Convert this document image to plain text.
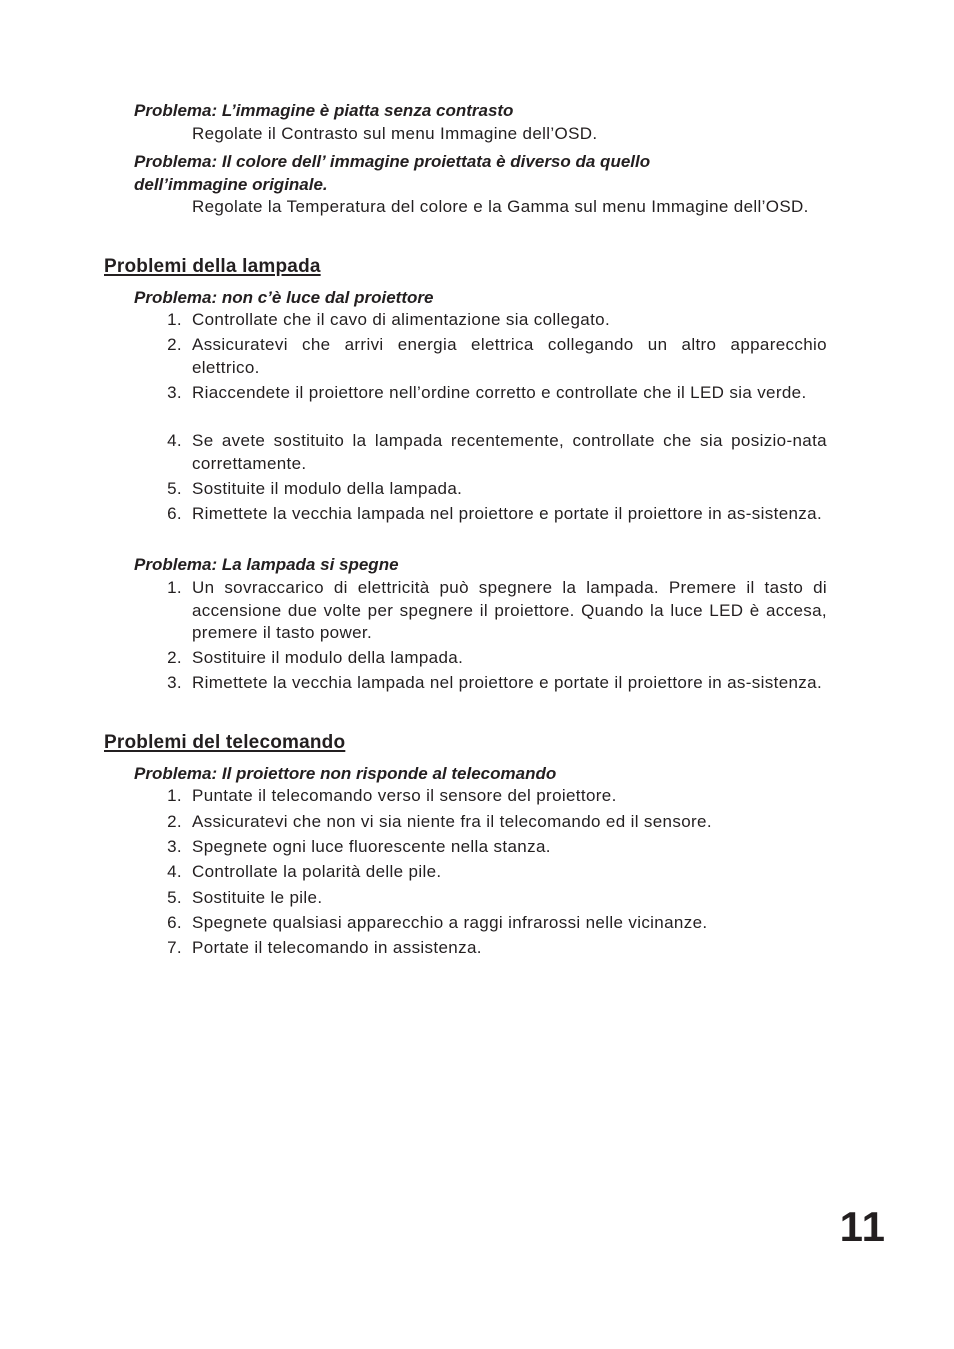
Problema: L’immagine è piatta senza contrasto
Regolate il Contrasto sul menu Immagine dell’OSD.
Problema: Il colore dell’ immagine proiettata è diverso da quello dell’immagine originale.
Regolate la Temperatura del colore e la Gamma sul menu Immagine dell’OSD.
Problemi della lampada
Problema: non c’è luce dal proiettore
1. Controllate che il cavo di alimentazione sia collegato.
2. Assicuratevi che arrivi energia elettrica collegando un altro apparecchio elettrico.
3. Riaccendete il proiettore nell’ordine corretto e controllate che il LED sia verde.
4. Se avete sostituito la lampada recentemente, controllate che sia posizio-nata correttamente.
5. Sostituite il modulo della lampada.
6. Rimettete la vecchia lampada nel proiettore e portate il proiettore in as-sistenza.
Problema: La lampada si spegne
1. Un sovraccarico di elettricità può spegnere la lampada. Premere il tasto di accensione due volte per spegnere il proiettore. Quando la luce LED è accesa, premere il tasto power.
2. Sostituire il modulo della lampada.
3. Rimettete la vecchia lampada nel proiettore e portate il proiettore in as-sistenza.
Problemi del telecomando
Problema: Il proiettore non risponde al telecomando
1. Puntate il telecomando verso il sensore del proiettore.
2. Assicuratevi che non vi sia niente fra il telecomando ed il sensore.
3. Spegnete ogni luce fluorescente nella stanza.
4. Controllate la polarità delle pile.
5. Sostituite le pile.
6. Spegnete qualsiasi apparecchio a raggi infrarossi nelle vicinanze.
7. Portate il telecomando in assistenza.
11
